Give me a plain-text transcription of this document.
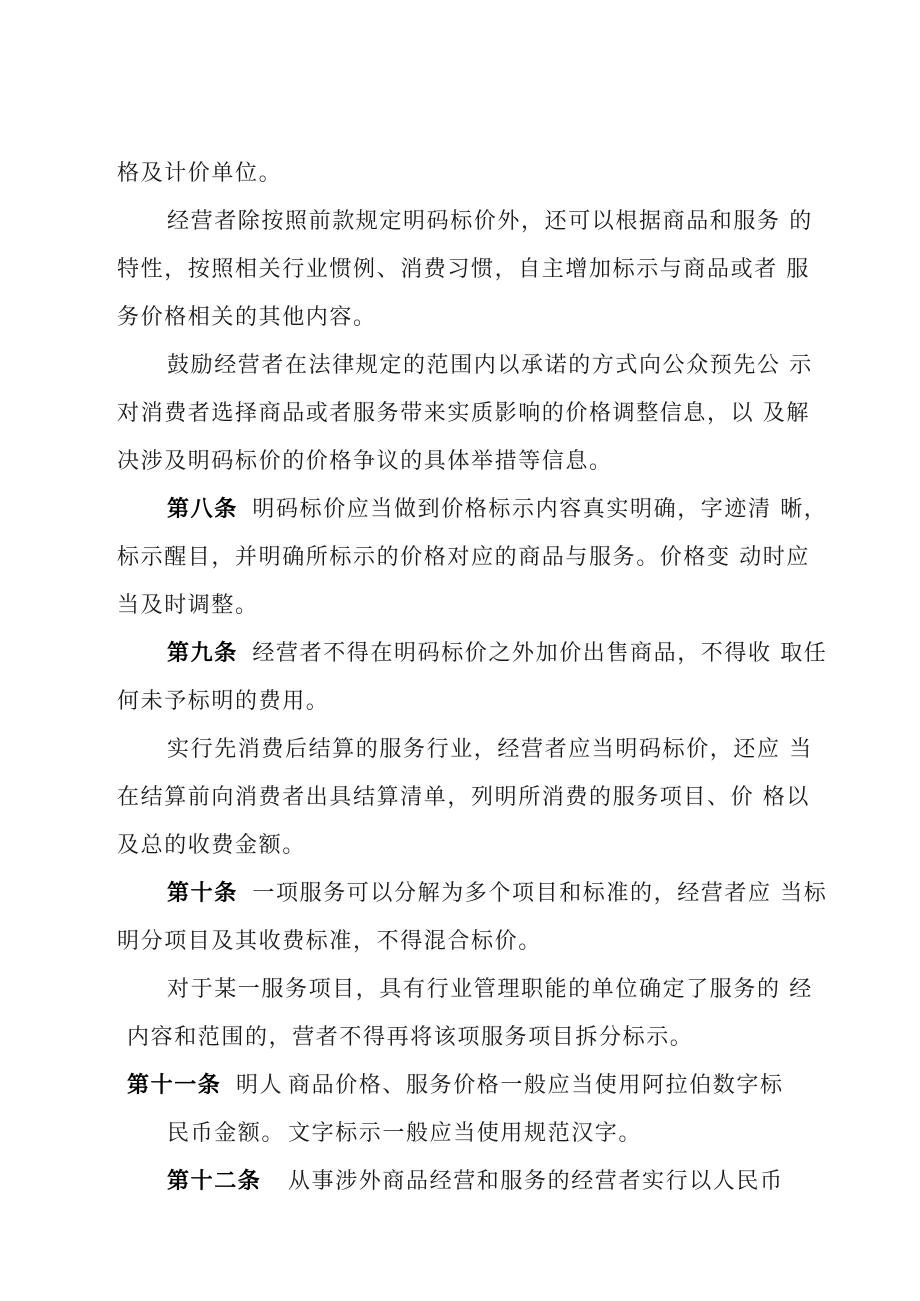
格及计价单位。

经营者除按照前款规定明码标价外，还可以根据商品和服务 的

特性，按照相关行业惯例、消费习惯，自主增加标示与商品或者 服

务价格相关的其他内容。

鼓励经营者在法律规定的范围内以承诺的方式向公众预先公 示

对消费者选择商品或者服务带来实质影响的价格调整信息，以 及解

决涉及明码标价的价格争议的具体举措等信息。

第八条 明码标价应当做到价格标示内容真实明确，字迹清 晰，

标示醒目，并明确所标示的价格对应的商品与服务。价格变 动时应

当及时调整。

第九条 经营者不得在明码标价之外加价出售商品，不得收 取任

何未予标明的费用。

实行先消费后结算的服务行业，经营者应当明码标价，还应 当

在结算前向消费者出具结算清单，列明所消费的服务项目、价 格以

及总的收费金额。

第十条 一项服务可以分解为多个项目和标准的，经营者应 当标

明分项目及其收费标准，不得混合标价。

对于某一服务项目，具有行业管理职能的单位确定了服务的 经

内容和范围的，营者不得再将该项服务项目拆分标示。

第十一条 明人 商品价格、服务价格一般应当使用阿拉伯数字标

民币金额。 文字标示一般应当使用规范汉字。

第十二条 从事涉外商品经营和服务的经营者实行以人民币
